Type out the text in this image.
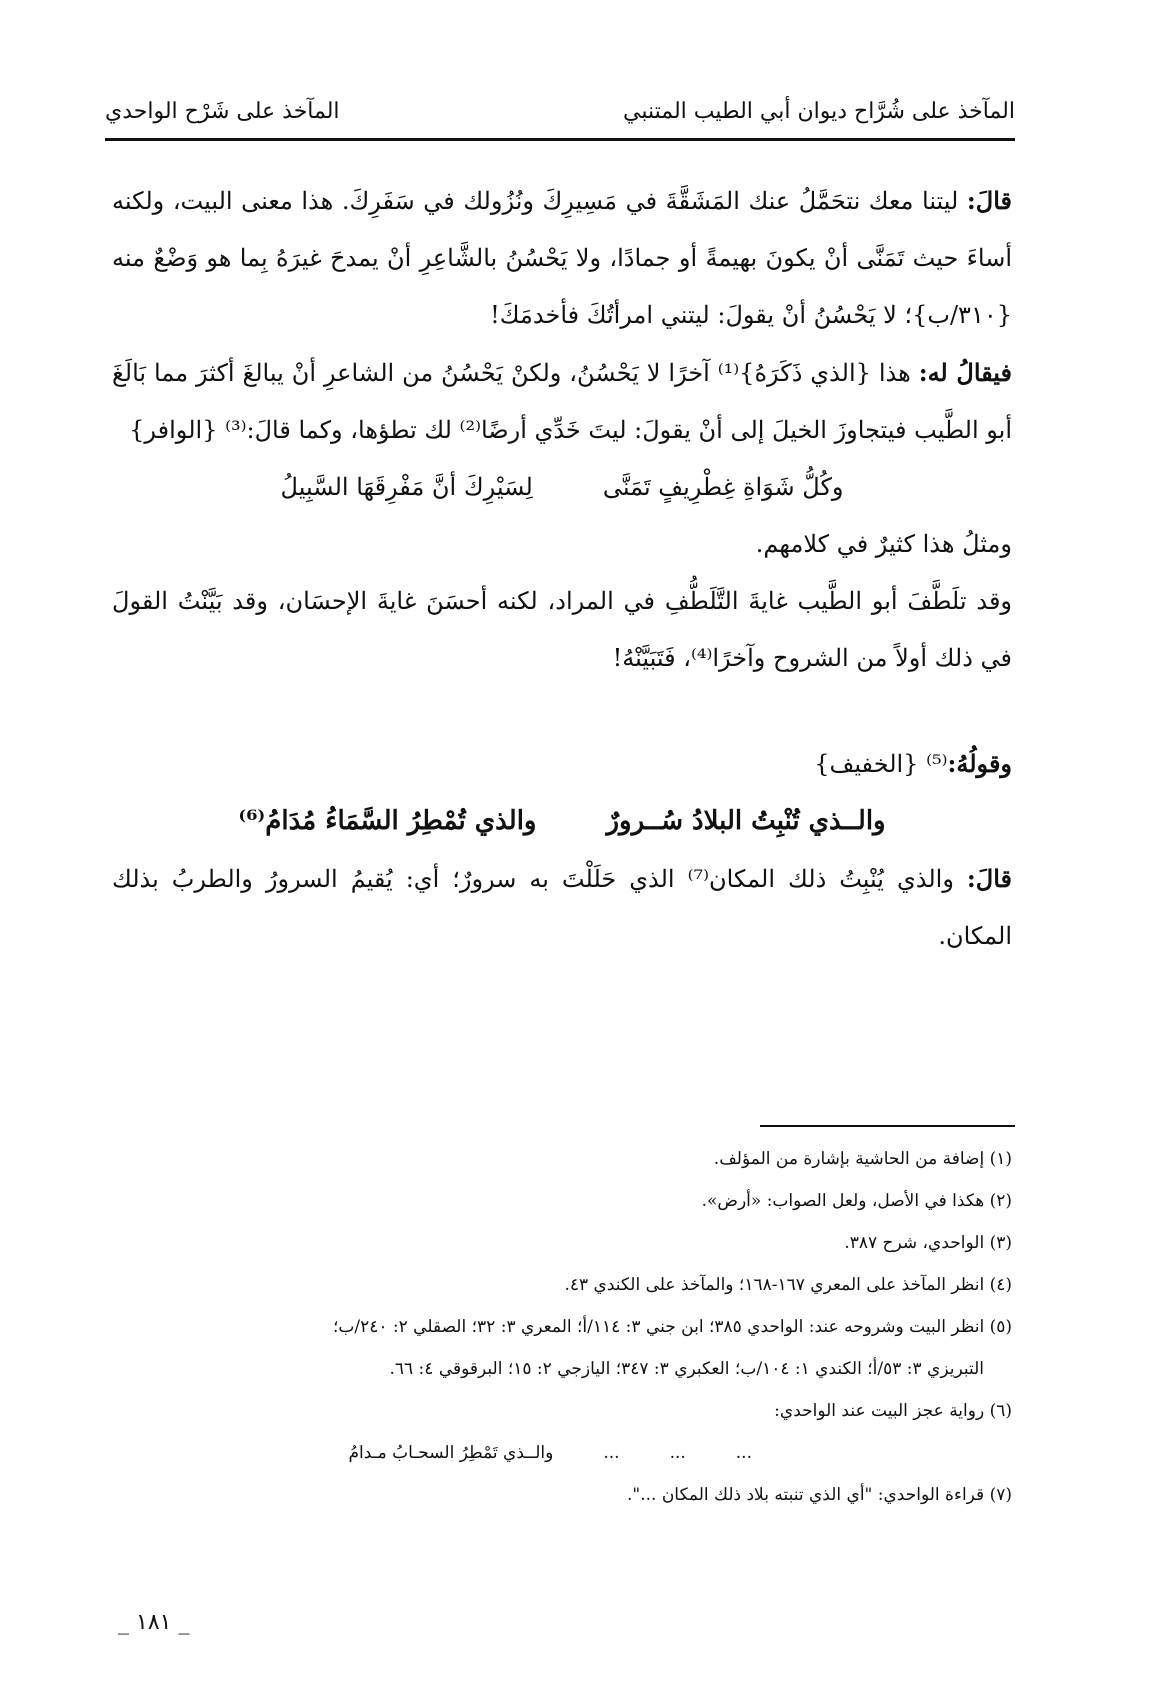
المآخذ على شُرَّاح ديوان أبي الطيب المتنبي
المآخذ على شَرْح الواحدي

قالَ: ليتنا معك نتحَمَّلُ عنك المَشَقَّةَ في مَسِيرِكَ ونُزُولك في سَفَرِكَ. هذا معنى البيت، ولكنه أساءَ حيث تَمَنَّى أنْ يكونَ بهيمةً أو جمادًا، ولا يَحْسُنُ بالشَّاعِرِ أنْ يمدحَ غيرَهُ بِما هو وَضْعٌ منه {٣١٠/ب}؛ لا يَحْسُنُ أنْ يقولَ: ليتني امرأتُكَ فأخدمَكَ!

فيقالُ له: هذا {الذي ذَكَرَهُ}⁽¹⁾ آخرًا لا يَحْسُنُ، ولكنْ يَحْسُنُ من الشاعرِ أنْ يبالغَ أكثرَ مما بَالَغَ أبو الطَّيب فيتجاوزَ الخيلَ إلى أنْ يقولَ: ليتَ خَدِّي أرضًا⁽²⁾ لك تطؤها، وكما قالَ:⁽³⁾ {الوافر}

وكُلُّ شَوَاةِ غِطْرِيفٍ تَمَنَّى
لِسَيْرِكَ أنَّ مَفْرِقَهَا السَّبِيلُ

ومثلُ هذا كثيرٌ في كلامهم.

وقد تلَطَّفَ أبو الطَّيب غايةَ التَّلَطُّفِ في المراد، لكنه أحسَنَ غايةَ الإحسَان، وقد بَيَّنْتُ القولَ في ذلك أولاً من الشروح وآخرًا⁽⁴⁾، فَتَبَيَّنْهُ!

وقولُهُ:⁽⁵⁾ {الخفيف}

والــذي تُنْبِتُ البلادُ سُــرورٌ
والذي تُمْطِرُ السَّمَاءُ مُدَامُ⁽⁶⁾

قالَ: والذي يُنْبِتُ ذلك المكان⁽⁷⁾ الذي حَلَلْتَ به سرورٌ؛ أي: يُقيمُ السرورُ والطربُ بذلك المكان.

(١) إضافة من الحاشية بإشارة من المؤلف.

(٢) هكذا في الأصل، ولعل الصواب: «أرض».

(٣) الواحدي، شرح ٣٨٧.

(٤) انظر المآخذ على المعري ١٦٧-١٦٨؛ والمآخذ على الكندي ٤٣.

(٥) انظر البيت وشروحه عند: الواحدي ٣٨٥؛ ابن جني ٣: ١١٤/أ؛ المعري ٣: ٣٢؛ الصقلي ٢: ٢٤٠/ب؛

التبريزي ٣: ٥٣/أ؛ الكندي ١: ١٠٤/ب؛ العكبري ٣: ٣٤٧؛ اليازجي ٢: ١٥؛ البرقوقي ٤: ٦٦.

(٦) رواية عجز البيت عند الواحدي:

...
...
...
والــذي تَمْطِرُ السحـابُ مـدامُ

(٧) قراءة الواحدي: "أي الذي تنبته بلاد ذلك المكان ...".

_ ١٨١ _
